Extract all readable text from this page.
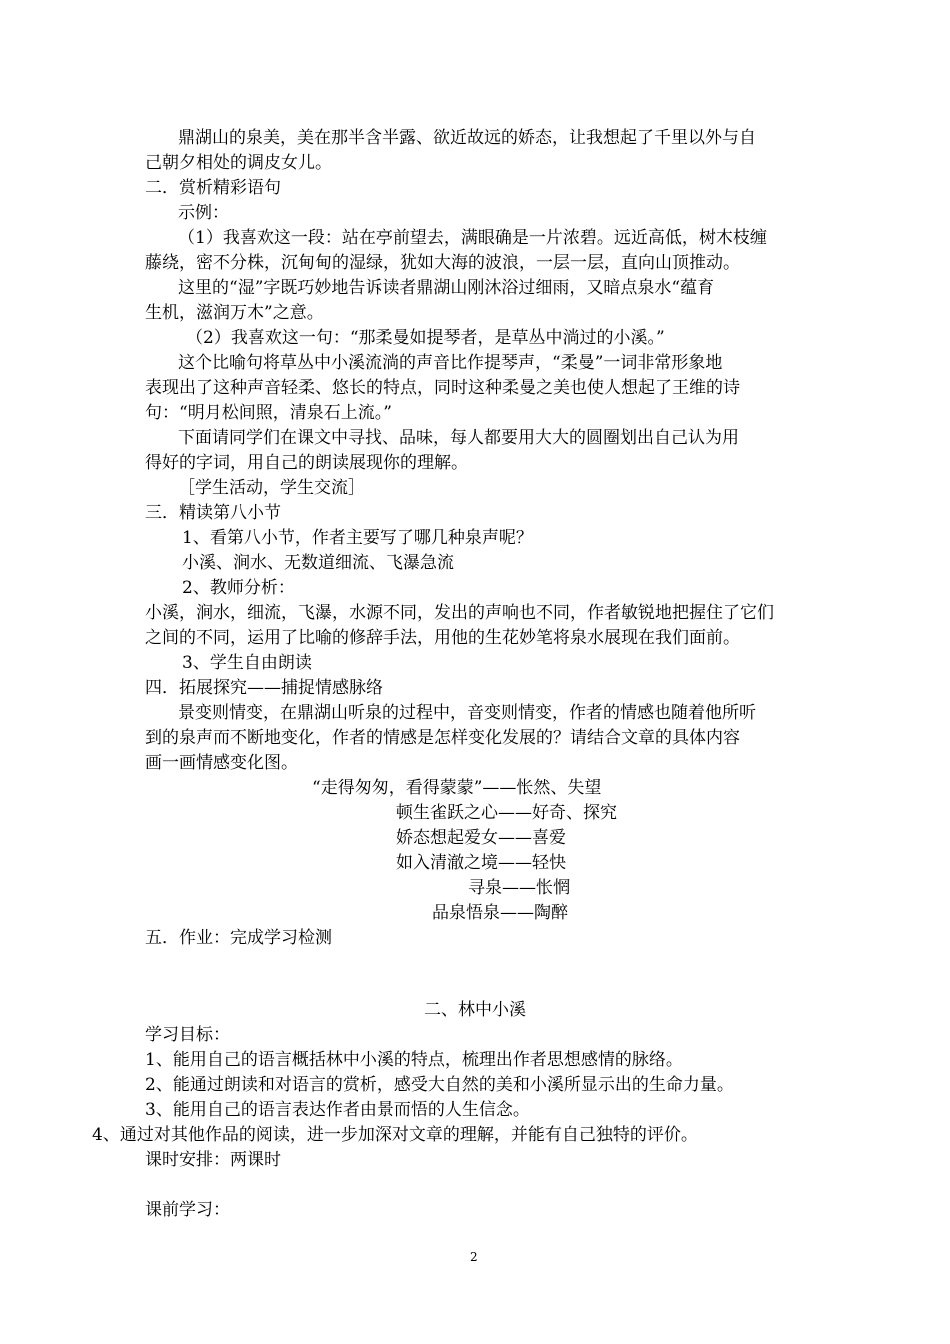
鼎湖山的泉美，美在那半含半露、欲近故远的娇态，让我想起了千里以外与自
己朝夕相处的调皮女儿。
二．赏析精彩语句
示例：
（1）我喜欢这一段：站在亭前望去，满眼确是一片浓碧。远近高低，树木枝缠
藤绕，密不分株，沉甸甸的湿绿，犹如大海的波浪，一层一层，直向山顶推动。
这里的“湿”字既巧妙地告诉读者鼎湖山刚沐浴过细雨，又暗点泉水“蕴育
生机，滋润万木”之意。
（2）我喜欢这一句：“那柔曼如提琴者，是草丛中淌过的小溪。”
这个比喻句将草丛中小溪流淌的声音比作提琴声，“柔曼”一词非常形象地
表现出了这种声音轻柔、悠长的特点，同时这种柔曼之美也使人想起了王维的诗
句：“明月松间照，清泉石上流。”
下面请同学们在课文中寻找、品味，每人都要用大大的圆圈划出自己认为用
得好的字词，用自己的朗读展现你的理解。
［学生活动，学生交流］
三．精读第八小节
1、看第八小节，作者主要写了哪几种泉声呢？
小溪、涧水、无数道细流、飞瀑急流
2、教师分析：
小溪，涧水，细流，飞瀑，水源不同，发出的声响也不同，作者敏锐地把握住了它们
之间的不同，运用了比喻的修辞手法，用他的生花妙笔将泉水展现在我们面前。
3、学生自由朗读
四．拓展探究——捕捉情感脉络
景变则情变，在鼎湖山听泉的过程中，音变则情变，作者的情感也随着他所听
到的泉声而不断地变化，作者的情感是怎样变化发展的？请结合文章的具体内容
画一画情感变化图。
“走得匆匆，看得蒙蒙”——怅然、失望
顿生雀跃之心——好奇、探究
娇态想起爱女——喜爱
如入清澈之境——轻快
寻泉——怅惘
品泉悟泉——陶醉
五．作业：完成学习检测
二、林中小溪
学习目标：
1、能用自己的语言概括林中小溪的特点，梳理出作者思想感情的脉络。
2、能通过朗读和对语言的赏析，感受大自然的美和小溪所显示出的生命力量。
3、能用自己的语言表达作者由景而悟的人生信念。
4、通过对其他作品的阅读，进一步加深对文章的理解，并能有自己独特的评价。
课时安排：两课时
课前学习：
2
